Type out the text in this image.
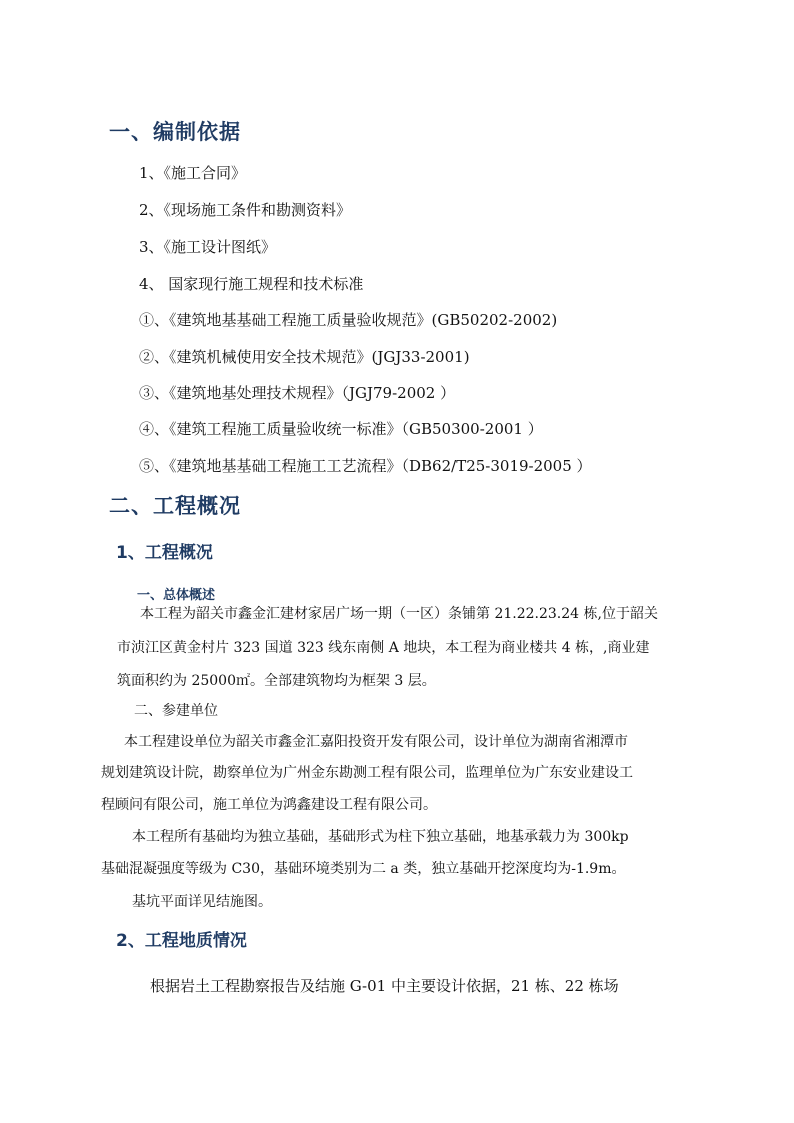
一、编制依据
1、《施工合同》
2、《现场施工条件和勘测资料》
3、《施工设计图纸》
4、 国家现行施工规程和技术标准
①、《建筑地基基础工程施工质量验收规范》(GB50202-2002)
②、《建筑机械使用安全技术规范》(JGJ33-2001)
③、《建筑地基处理技术规程》（JGJ79-2002 ）
④、《建筑工程施工质量验收统一标准》（GB50300-2001 ）
⑤、《建筑地基基础工程施工工艺流程》（DB62/T25-3019-2005 ）
二、工程概况
1、工程概况
一、总体概述
本工程为韶关市鑫金汇建材家居广场一期（一区）条铺第 21.22.23.24 栋,位于韶关
市浈江区黄金村片 323 国道 323 线东南侧 A 地块，本工程为商业楼共 4 栋，,商业建
筑面积约为 25000㎡。全部建筑物均为框架 3 层。
二、参建单位
本工程建设单位为韶关市鑫金汇嘉阳投资开发有限公司，设计单位为湖南省湘潭市
规划建筑设计院，勘察单位为广州金东勘测工程有限公司，监理单位为广东安业建设工
程顾问有限公司，施工单位为鸿鑫建设工程有限公司。
本工程所有基础均为独立基础，基础形式为柱下独立基础，地基承载力为 300kp
基础混凝强度等级为 C30，基础环境类别为二 a 类，独立基础开挖深度均为-1.9m。
基坑平面详见结施图。
2、工程地质情况
根据岩土工程勘察报告及结施 G-01 中主要设计依据，21 栋、22 栋场
